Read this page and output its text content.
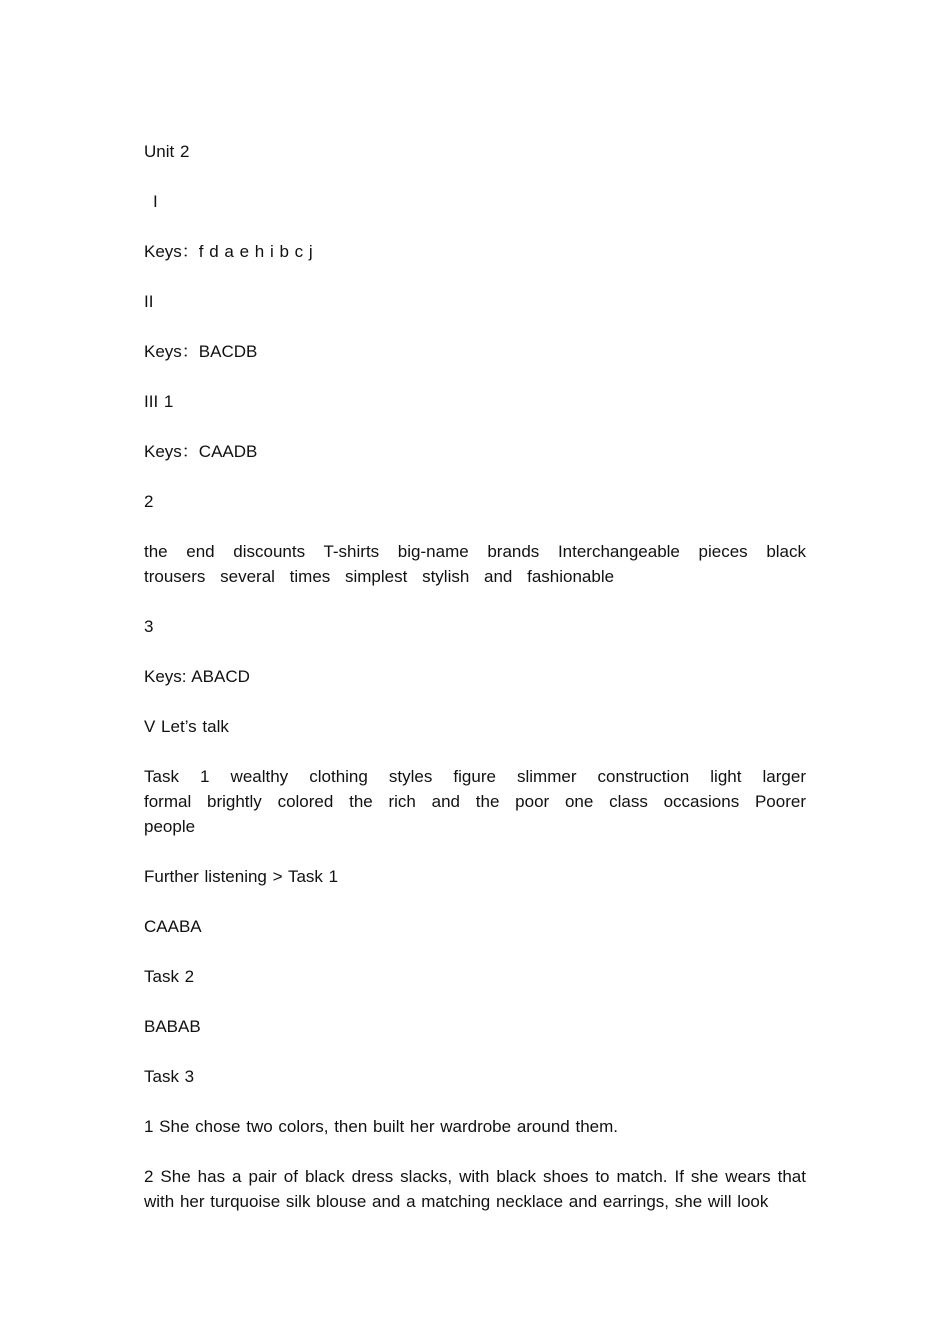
Unit 2

I

Keys：f d a e h i b c j

II

Keys：BACDB

III 1

Keys：CAADB

2

the end discounts T-shirts big-name brands Interchangeable pieces black trousers several times simplest stylish and fashionable

3

Keys: ABACD

V Let’s talk

Task 1 wealthy clothing styles figure slimmer construction light larger formal brightly colored the rich and the poor one class occasions Poorer people

Further listening > Task 1

CAABA

Task 2

BABAB

Task 3

1 She chose two colors, then built her wardrobe around them.

2 She has a pair of black dress slacks, with black shoes to match. If she wears that with her turquoise silk blouse and a matching necklace and earrings, she will look
